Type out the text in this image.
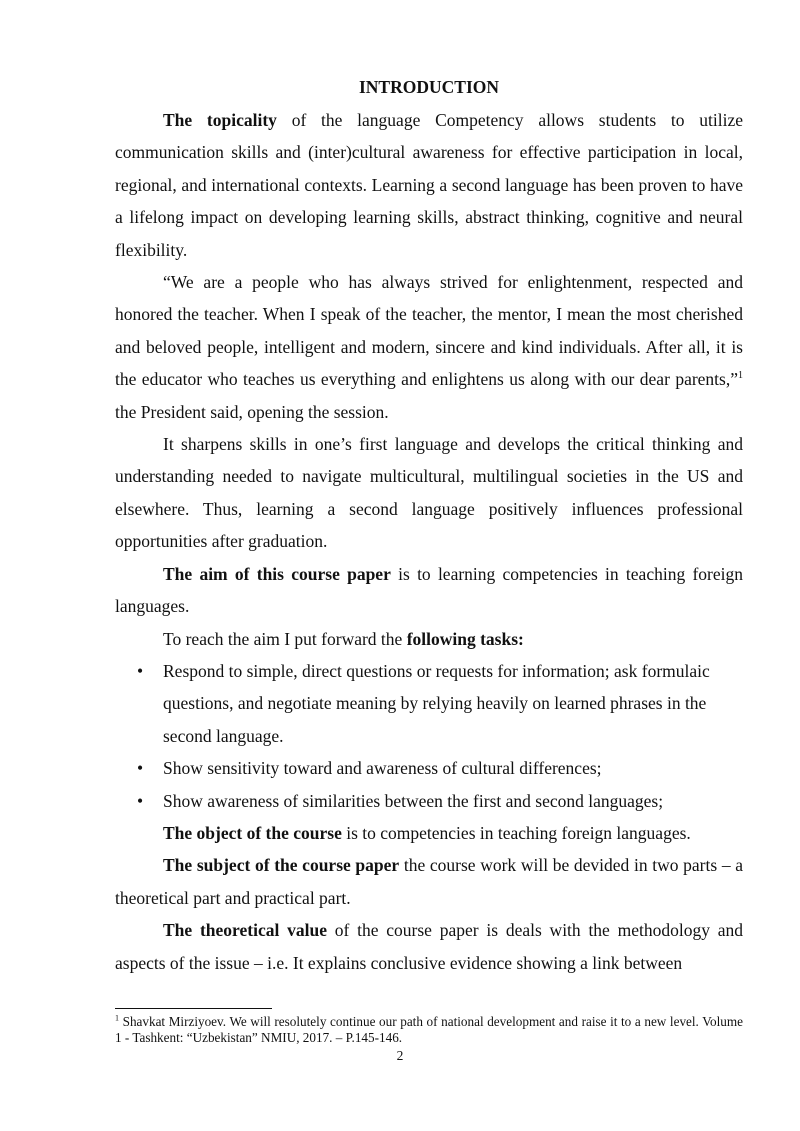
INTRODUCTION

The topicality of the language Competency allows students to utilize communication skills and (inter)cultural awareness for effective participation in local, regional, and international contexts. Learning a second language has been proven to have a lifelong impact on developing learning skills, abstract thinking, cognitive and neural flexibility.

“We are a people who has always strived for enlightenment, respected and honored the teacher. When I speak of the teacher, the mentor, I mean the most cherished and beloved people, intelligent and modern, sincere and kind individuals. After all, it is the educator who teaches us everything and enlightens us along with our dear parents,”$^1$ the President said, opening the session.

It sharpens skills in one’s first language and develops the critical thinking and understanding needed to navigate multicultural, multilingual societies in the US and elsewhere. Thus, learning a second language positively influences professional opportunities after graduation.

The aim of this course paper is to learning competencies in teaching foreign languages.

To reach the aim I put forward the following tasks:

• Respond to simple, direct questions or requests for information; ask formulaic questions, and negotiate meaning by relying heavily on learned phrases in the second language.
• Show sensitivity toward and awareness of cultural differences;
• Show awareness of similarities between the first and second languages;

The object of the course is to competencies in teaching foreign languages.

The subject of the course paper the course work will be devided in two parts – a theoretical part and practical part.

The theoretical value of the course paper is deals with the methodology and aspects of the issue – i.e. It explains conclusive evidence showing a link between

$^1$ Shavkat Mirziyoev. We will resolutely continue our path of national development and raise it to a new level. Volume 1 - Tashkent: “Uzbekistan” NMIU, 2017. – P.145-146.
2
